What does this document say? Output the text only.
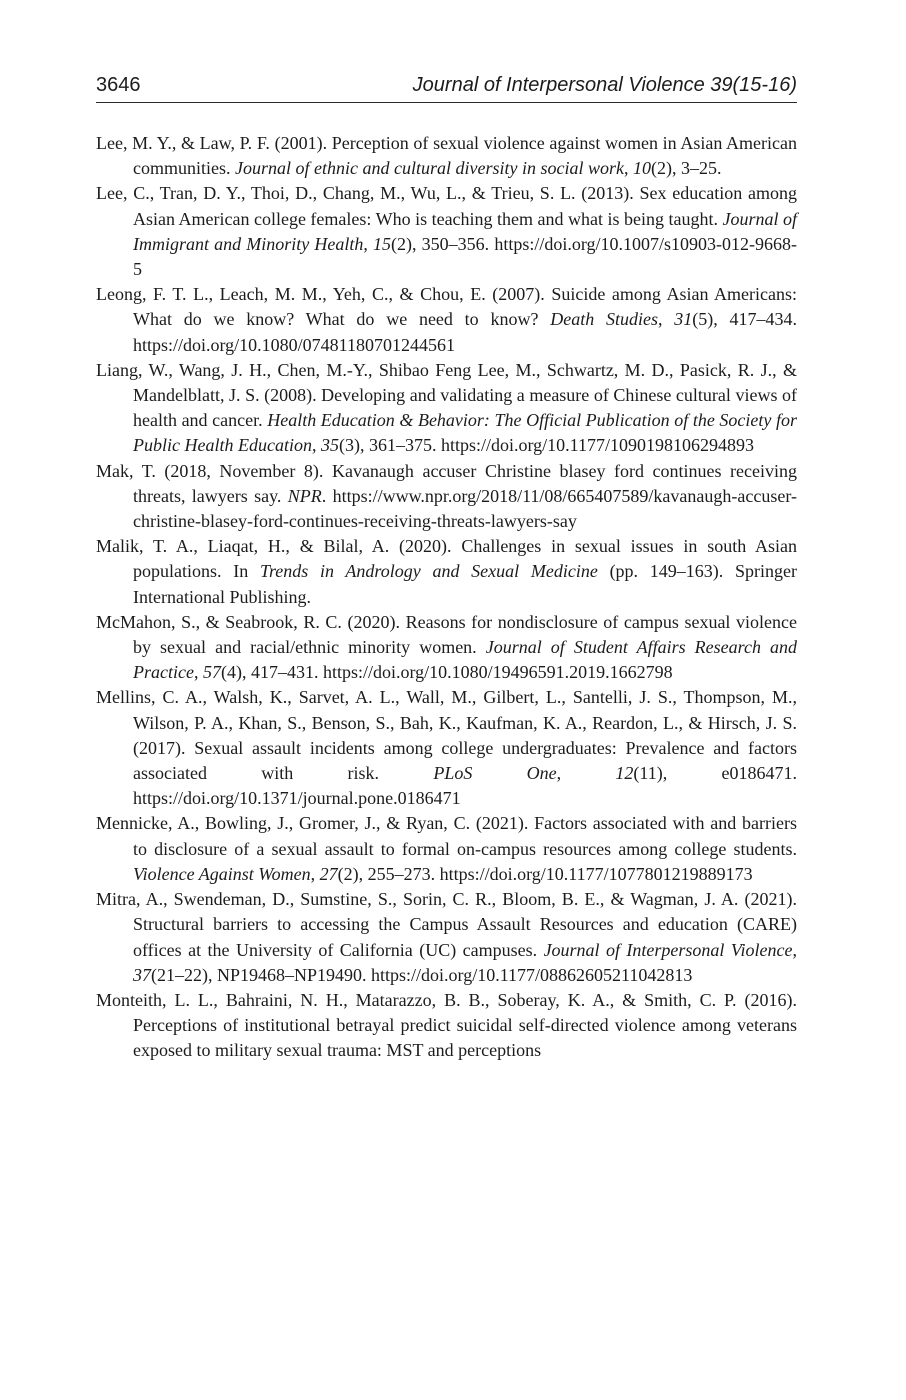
3646	Journal of Interpersonal Violence 39(15-16)
Lee, M. Y., & Law, P. F. (2001). Perception of sexual violence against women in Asian American communities. Journal of ethnic and cultural diversity in social work, 10(2), 3–25.
Lee, C., Tran, D. Y., Thoi, D., Chang, M., Wu, L., & Trieu, S. L. (2013). Sex education among Asian American college females: Who is teaching them and what is being taught. Journal of Immigrant and Minority Health, 15(2), 350–356. https://doi.org/10.1007/s10903-012-9668-5
Leong, F. T. L., Leach, M. M., Yeh, C., & Chou, E. (2007). Suicide among Asian Americans: What do we know? What do we need to know? Death Studies, 31(5), 417–434. https://doi.org/10.1080/07481180701244561
Liang, W., Wang, J. H., Chen, M.-Y., Shibao Feng Lee, M., Schwartz, M. D., Pasick, R. J., & Mandelblatt, J. S. (2008). Developing and validating a measure of Chinese cultural views of health and cancer. Health Education & Behavior: The Official Publication of the Society for Public Health Education, 35(3), 361–375. https://doi.org/10.1177/1090198106294893
Mak, T. (2018, November 8). Kavanaugh accuser Christine blasey ford continues receiving threats, lawyers say. NPR. https://www.npr.org/2018/11/08/665407589/kavanaugh-accuser-christine-blasey-ford-continues-receiving-threats-lawyers-say
Malik, T. A., Liaqat, H., & Bilal, A. (2020). Challenges in sexual issues in south Asian populations. In Trends in Andrology and Sexual Medicine (pp. 149–163). Springer International Publishing.
McMahon, S., & Seabrook, R. C. (2020). Reasons for nondisclosure of campus sexual violence by sexual and racial/ethnic minority women. Journal of Student Affairs Research and Practice, 57(4), 417–431. https://doi.org/10.1080/19496591.2019.1662798
Mellins, C. A., Walsh, K., Sarvet, A. L., Wall, M., Gilbert, L., Santelli, J. S., Thompson, M., Wilson, P. A., Khan, S., Benson, S., Bah, K., Kaufman, K. A., Reardon, L., & Hirsch, J. S. (2017). Sexual assault incidents among college undergraduates: Prevalence and factors associated with risk. PLoS One, 12(11), e0186471. https://doi.org/10.1371/journal.pone.0186471
Mennicke, A., Bowling, J., Gromer, J., & Ryan, C. (2021). Factors associated with and barriers to disclosure of a sexual assault to formal on-campus resources among college students. Violence Against Women, 27(2), 255–273. https://doi.org/10.1177/1077801219889173
Mitra, A., Swendeman, D., Sumstine, S., Sorin, C. R., Bloom, B. E., & Wagman, J. A. (2021). Structural barriers to accessing the Campus Assault Resources and education (CARE) offices at the University of California (UC) campuses. Journal of Interpersonal Violence, 37(21–22), NP19468–NP19490. https://doi.org/10.1177/08862605211042813
Monteith, L. L., Bahraini, N. H., Matarazzo, B. B., Soberay, K. A., & Smith, C. P. (2016). Perceptions of institutional betrayal predict suicidal self-directed violence among veterans exposed to military sexual trauma: MST and perceptions
